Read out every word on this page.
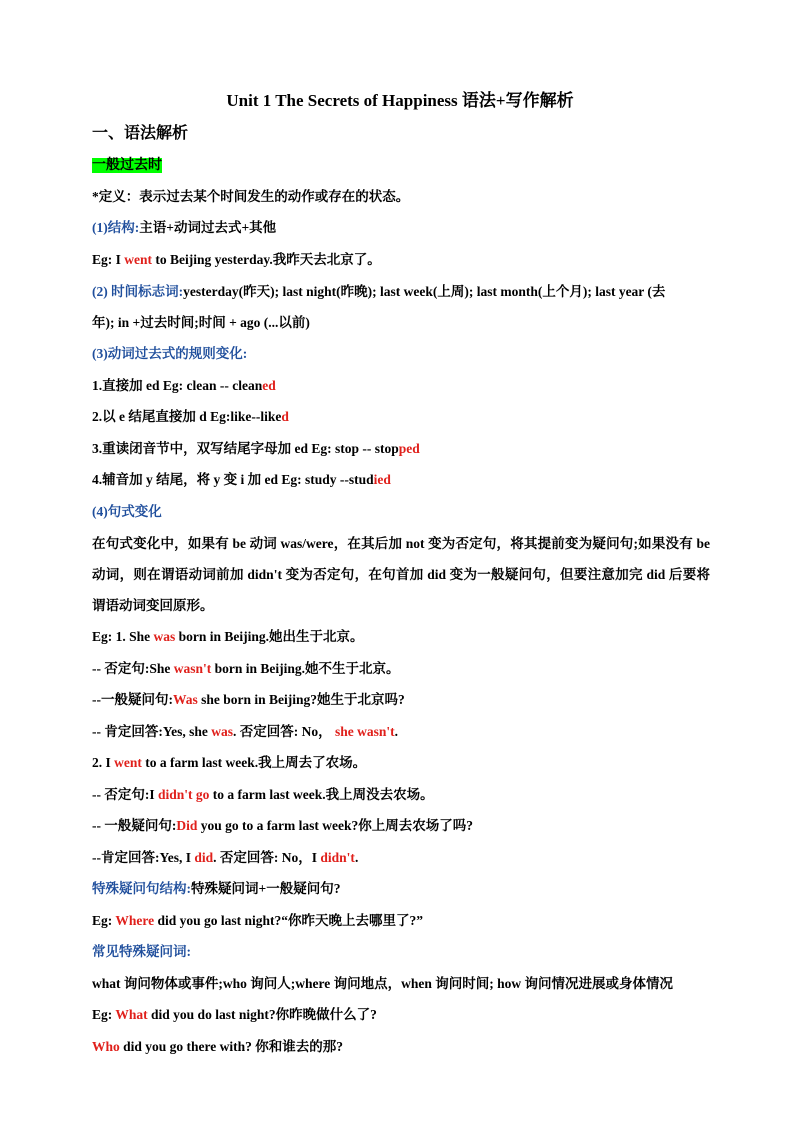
Unit 1 The Secrets of Happiness 语法+写作解析
一、语法解析
一般过去时
*定义：表示过去某个时间发生的动作或存在的状态。
(1)结构:主语+动词过去式+其他
Eg: I went to Beijing yesterday.我昨天去北京了。
(2) 时间标志词:yesterday(昨天); last night(昨晚); last week(上周); last month(上个月); last year (去
年); in +过去时间;时间 + ago (...以前)
(3)动词过去式的规则变化:
1.直接加 ed Eg: clean -- cleaned
2.以 e 结尾直接加 d Eg:like--liked
3.重读闭音节中，双写结尾字母加 ed Eg: stop -- stopped
4.辅音加 y 结尾，将 y 变 i 加 ed Eg: study --studied
(4)句式变化
在句式变化中，如果有 be 动词 was/were，在其后加 not 变为否定句，将其提前变为疑问句;如果没有 be 动词，则在谓语动词前加 didn't 变为否定句，在句首加 did 变为一般疑问句，但要注意加完 did 后要将谓语动词变回原形。
Eg: 1. She was born in Beijing.她出生于北京。
-- 否定句:She wasn't born in Beijing.她不生于北京。
--一般疑问句:Was she born in Beijing?她生于北京吗?
-- 肯定回答:Yes, she was. 否定回答: No， she wasn't.
2. I went to a farm last week.我上周去了农场。
-- 否定句:I didn't go to a farm last week.我上周没去农场。
-- 一般疑问句:Did you go to a farm last week?你上周去农场了吗?
--肯定回答:Yes, I did. 否定回答: No，I didn't.
特殊疑问句结构:特殊疑问词+一般疑问句?
Eg: Where did you go last night?“你昨天晚上去哪里了?”
常见特殊疑问词:
what 询问物体或事件;who 询问人;where 询问地点，when 询问时间; how 询问情况进展或身体情况
Eg: What did you do last night?你昨晚做什么了?
Who did you go there with? 你和谁去的那?
